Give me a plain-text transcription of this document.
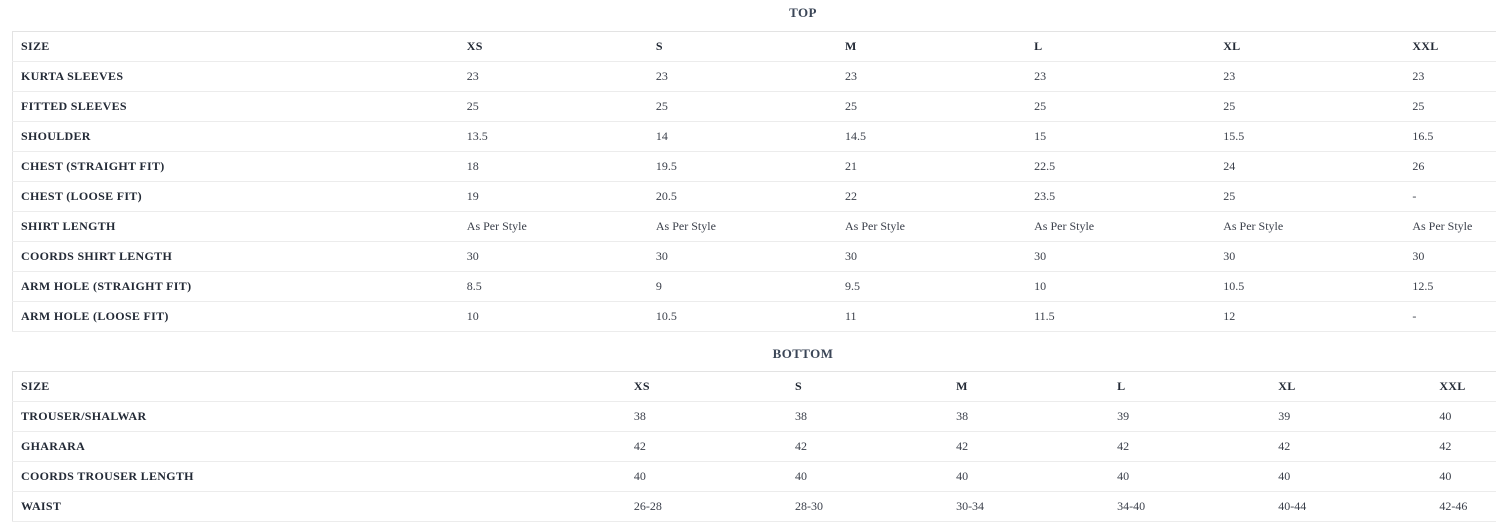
TOP
SIZE	XS	S	M	L	XL	XXL
KURTA SLEEVES	23	23	23	23	23	23
FITTED SLEEVES	25	25	25	25	25	25
SHOULDER	13.5	14	14.5	15	15.5	16.5
CHEST (STRAIGHT FIT)	18	19.5	21	22.5	24	26
CHEST (LOOSE FIT)	19	20.5	22	23.5	25	-
SHIRT LENGTH	As Per Style	As Per Style	As Per Style	As Per Style	As Per Style	As Per Style
COORDS SHIRT LENGTH	30	30	30	30	30	30
ARM HOLE (STRAIGHT FIT)	8.5	9	9.5	10	10.5	12.5
ARM HOLE (LOOSE FIT)	10	10.5	11	11.5	12	-
BOTTOM
SIZE	XS	S	M	L	XL	XXL
TROUSER/SHALWAR	38	38	38	39	39	40
GHARARA	42	42	42	42	42	42
COORDS TROUSER LENGTH	40	40	40	40	40	40
WAIST	26-28	28-30	30-34	34-40	40-44	42-46
